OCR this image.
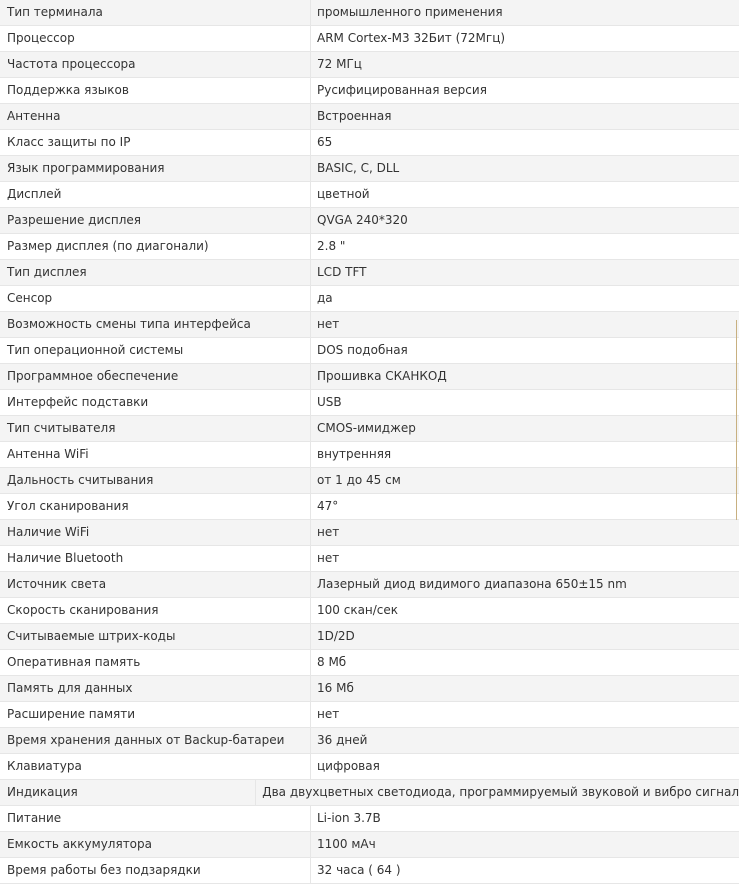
Тип терминала	промышленного применения
Процессор	ARM Cortex-M3 32Бит (72Мгц)
Частота процессора	72 МГц
Поддержка языков	Русифицированная версия
Антенна	Встроенная
Класс защиты по IP	65
Язык программирования	BASIC, C, DLL
Дисплей	цветной
Разрешение дисплея	QVGA 240*320
Размер дисплея (по диагонали)	2.8 "
Тип дисплея	LCD TFT
Сенсор	да
Возможность смены типа интерфейса	нет
Тип операционной системы	DOS подобная
Программное обеспечение	Прошивка СКАНКОД
Интерфейс подставки	USB
Тип считывателя	CMOS-имиджер
Антенна WiFi	внутренняя
Дальность считывания	от 1 до 45 см
Угол сканирования	47°
Наличие WiFi	нет
Наличие Bluetooth	нет
Источник света	Лазерный диод видимого диапазона 650±15 nm
Скорость сканирования	100 скан/сек
Считываемые штрих-коды	1D/2D
Оперативная память	8 Мб
Память для данных	16 Мб
Расширение памяти	нет
Время хранения данных от Backup-батареи	36 дней
Клавиатура	цифровая
Индикация	Два двухцветных светодиода, программируемый звуковой и вибро сигнал
Питание	Li-ion 3.7В
Емкость аккумулятора	1100 мАч
Время работы без подзарядки	32 часа ( 64 )
